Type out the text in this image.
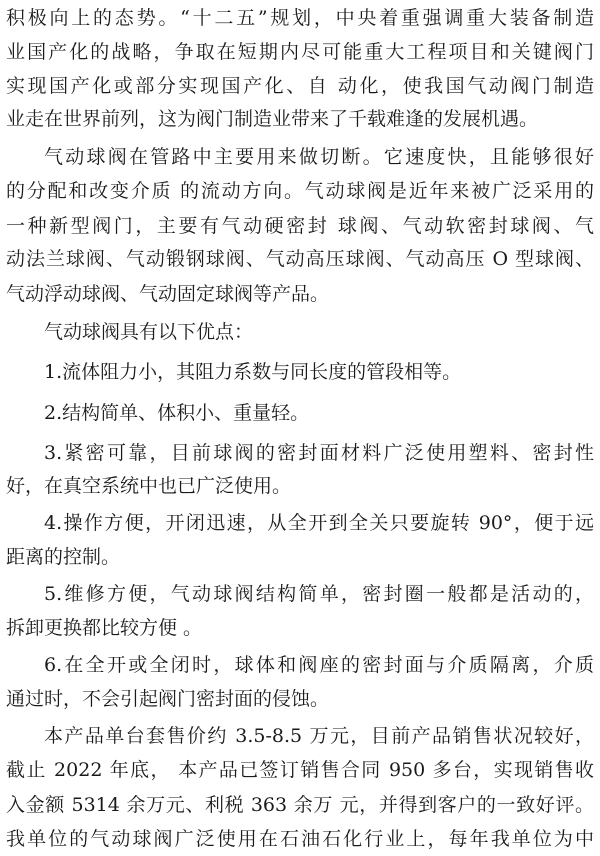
积极向上的态势。“十二五”规划，中央着重强调重大装备制造
业国产化的战略，争取在短期内尽可能重大工程项目和关键阀门
实现国产化或部分实现国产化、自 动化，使我国气动阀门制造
业走在世界前列，这为阀门制造业带来了千载难逢的发展机遇。
气动球阀在管路中主要用来做切断。它速度快，且能够很好
的分配和改变介质 的流动方向。气动球阀是近年来被广泛采用的
一种新型阀门，主要有气动硬密封 球阀、气动软密封球阀、气
动法兰球阀、气动锻钢球阀、气动高压球阀、气动高压 O 型球阀、
气动浮动球阀、气动固定球阀等产品。
气动球阀具有以下优点：
1.流体阻力小，其阻力系数与同长度的管段相等。
2.结构简单、体积小、重量轻。
3.紧密可靠，目前球阀的密封面材料广泛使用塑料、密封性
好，在真空系统中也已广泛使用。
4.操作方便，开闭迅速，从全开到全关只要旋转 90°，便于远
距离的控制。
5.维修方便，气动球阀结构简单，密封圈一般都是活动的，
拆卸更换都比较方便 。
6.在全开或全闭时，球体和阀座的密封面与介质隔离，介质
通过时，不会引起阀门密封面的侵蚀。
本产品单台套售价约 3.5-8.5 万元，目前产品销售状况较好，
截止 2022 年底， 本产品已签订销售合同 950 多台，实现销售收
入金额 5314 余万元、利税 363 余万 元，并得到客户的一致好评。
我单位的气动球阀广泛使用在石油石化行业上，每年我单位为中
